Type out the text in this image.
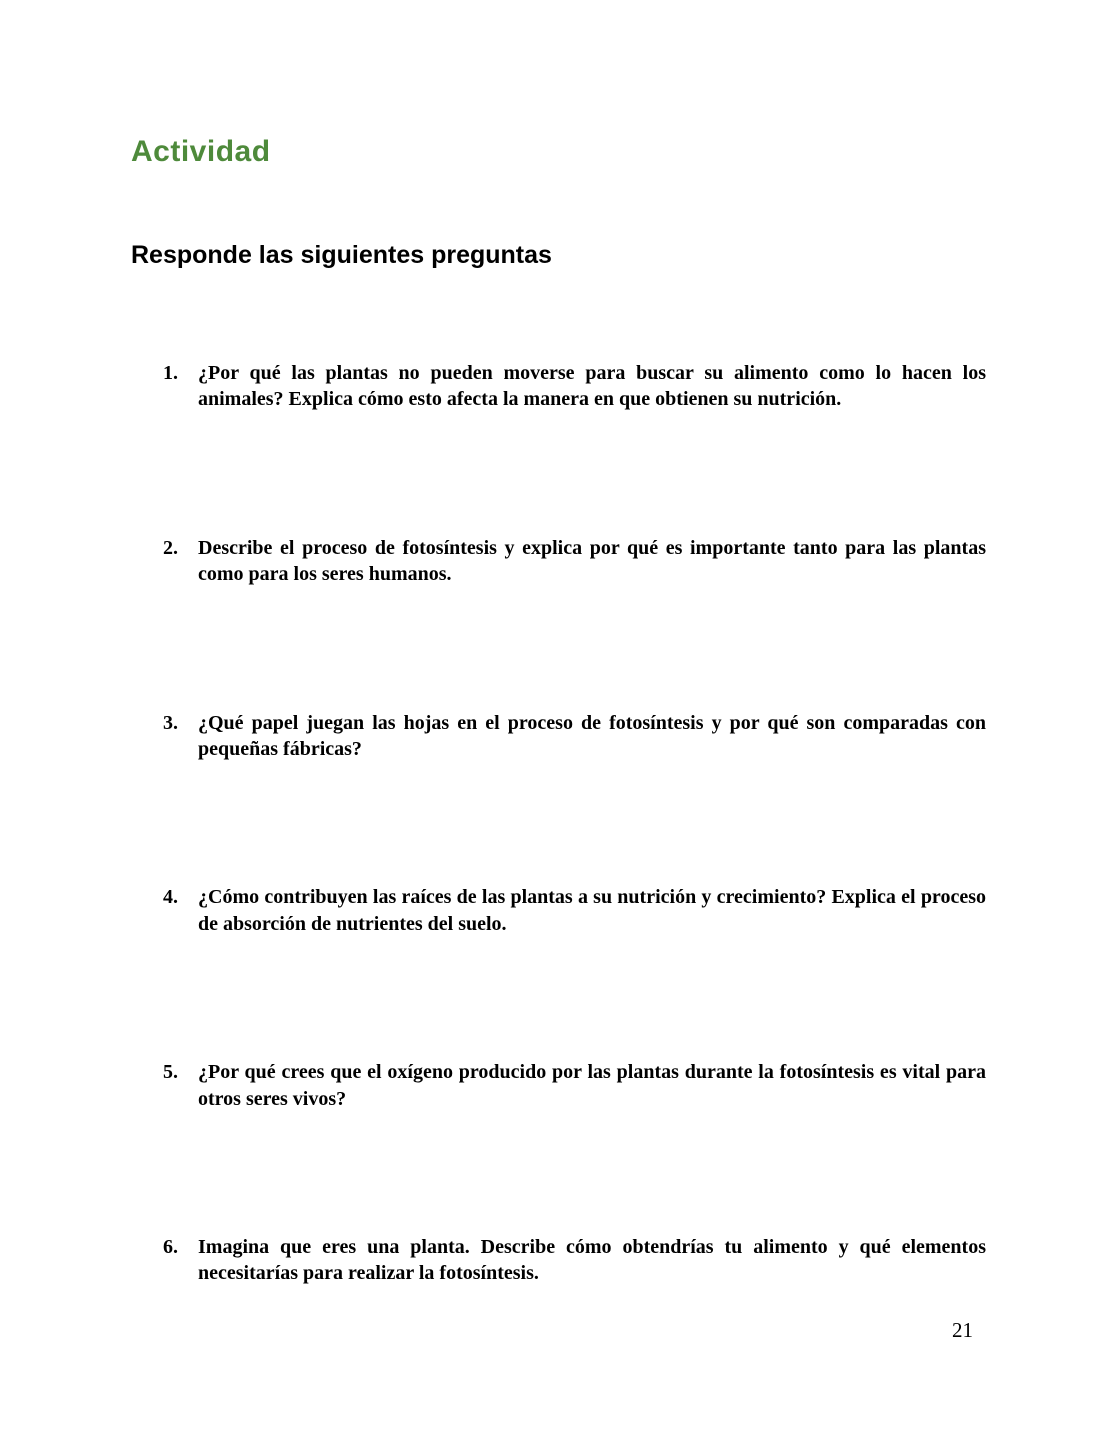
Actividad
Responde las siguientes preguntas
1.	¿Por qué las plantas no pueden moverse para buscar su alimento como lo hacen los animales? Explica cómo esto afecta la manera en que obtienen su nutrición.
2.	Describe el proceso de fotosíntesis y explica por qué es importante tanto para las plantas como para los seres humanos.
3.	¿Qué papel juegan las hojas en el proceso de fotosíntesis y por qué son comparadas con pequeñas fábricas?
4.	¿Cómo contribuyen las raíces de las plantas a su nutrición y crecimiento? Explica el proceso de absorción de nutrientes del suelo.
5.	¿Por qué crees que el oxígeno producido por las plantas durante la fotosíntesis es vital para otros seres vivos?
6.	Imagina que eres una planta. Describe cómo obtendrías tu alimento y qué elementos necesitarías para realizar la fotosíntesis.
21
